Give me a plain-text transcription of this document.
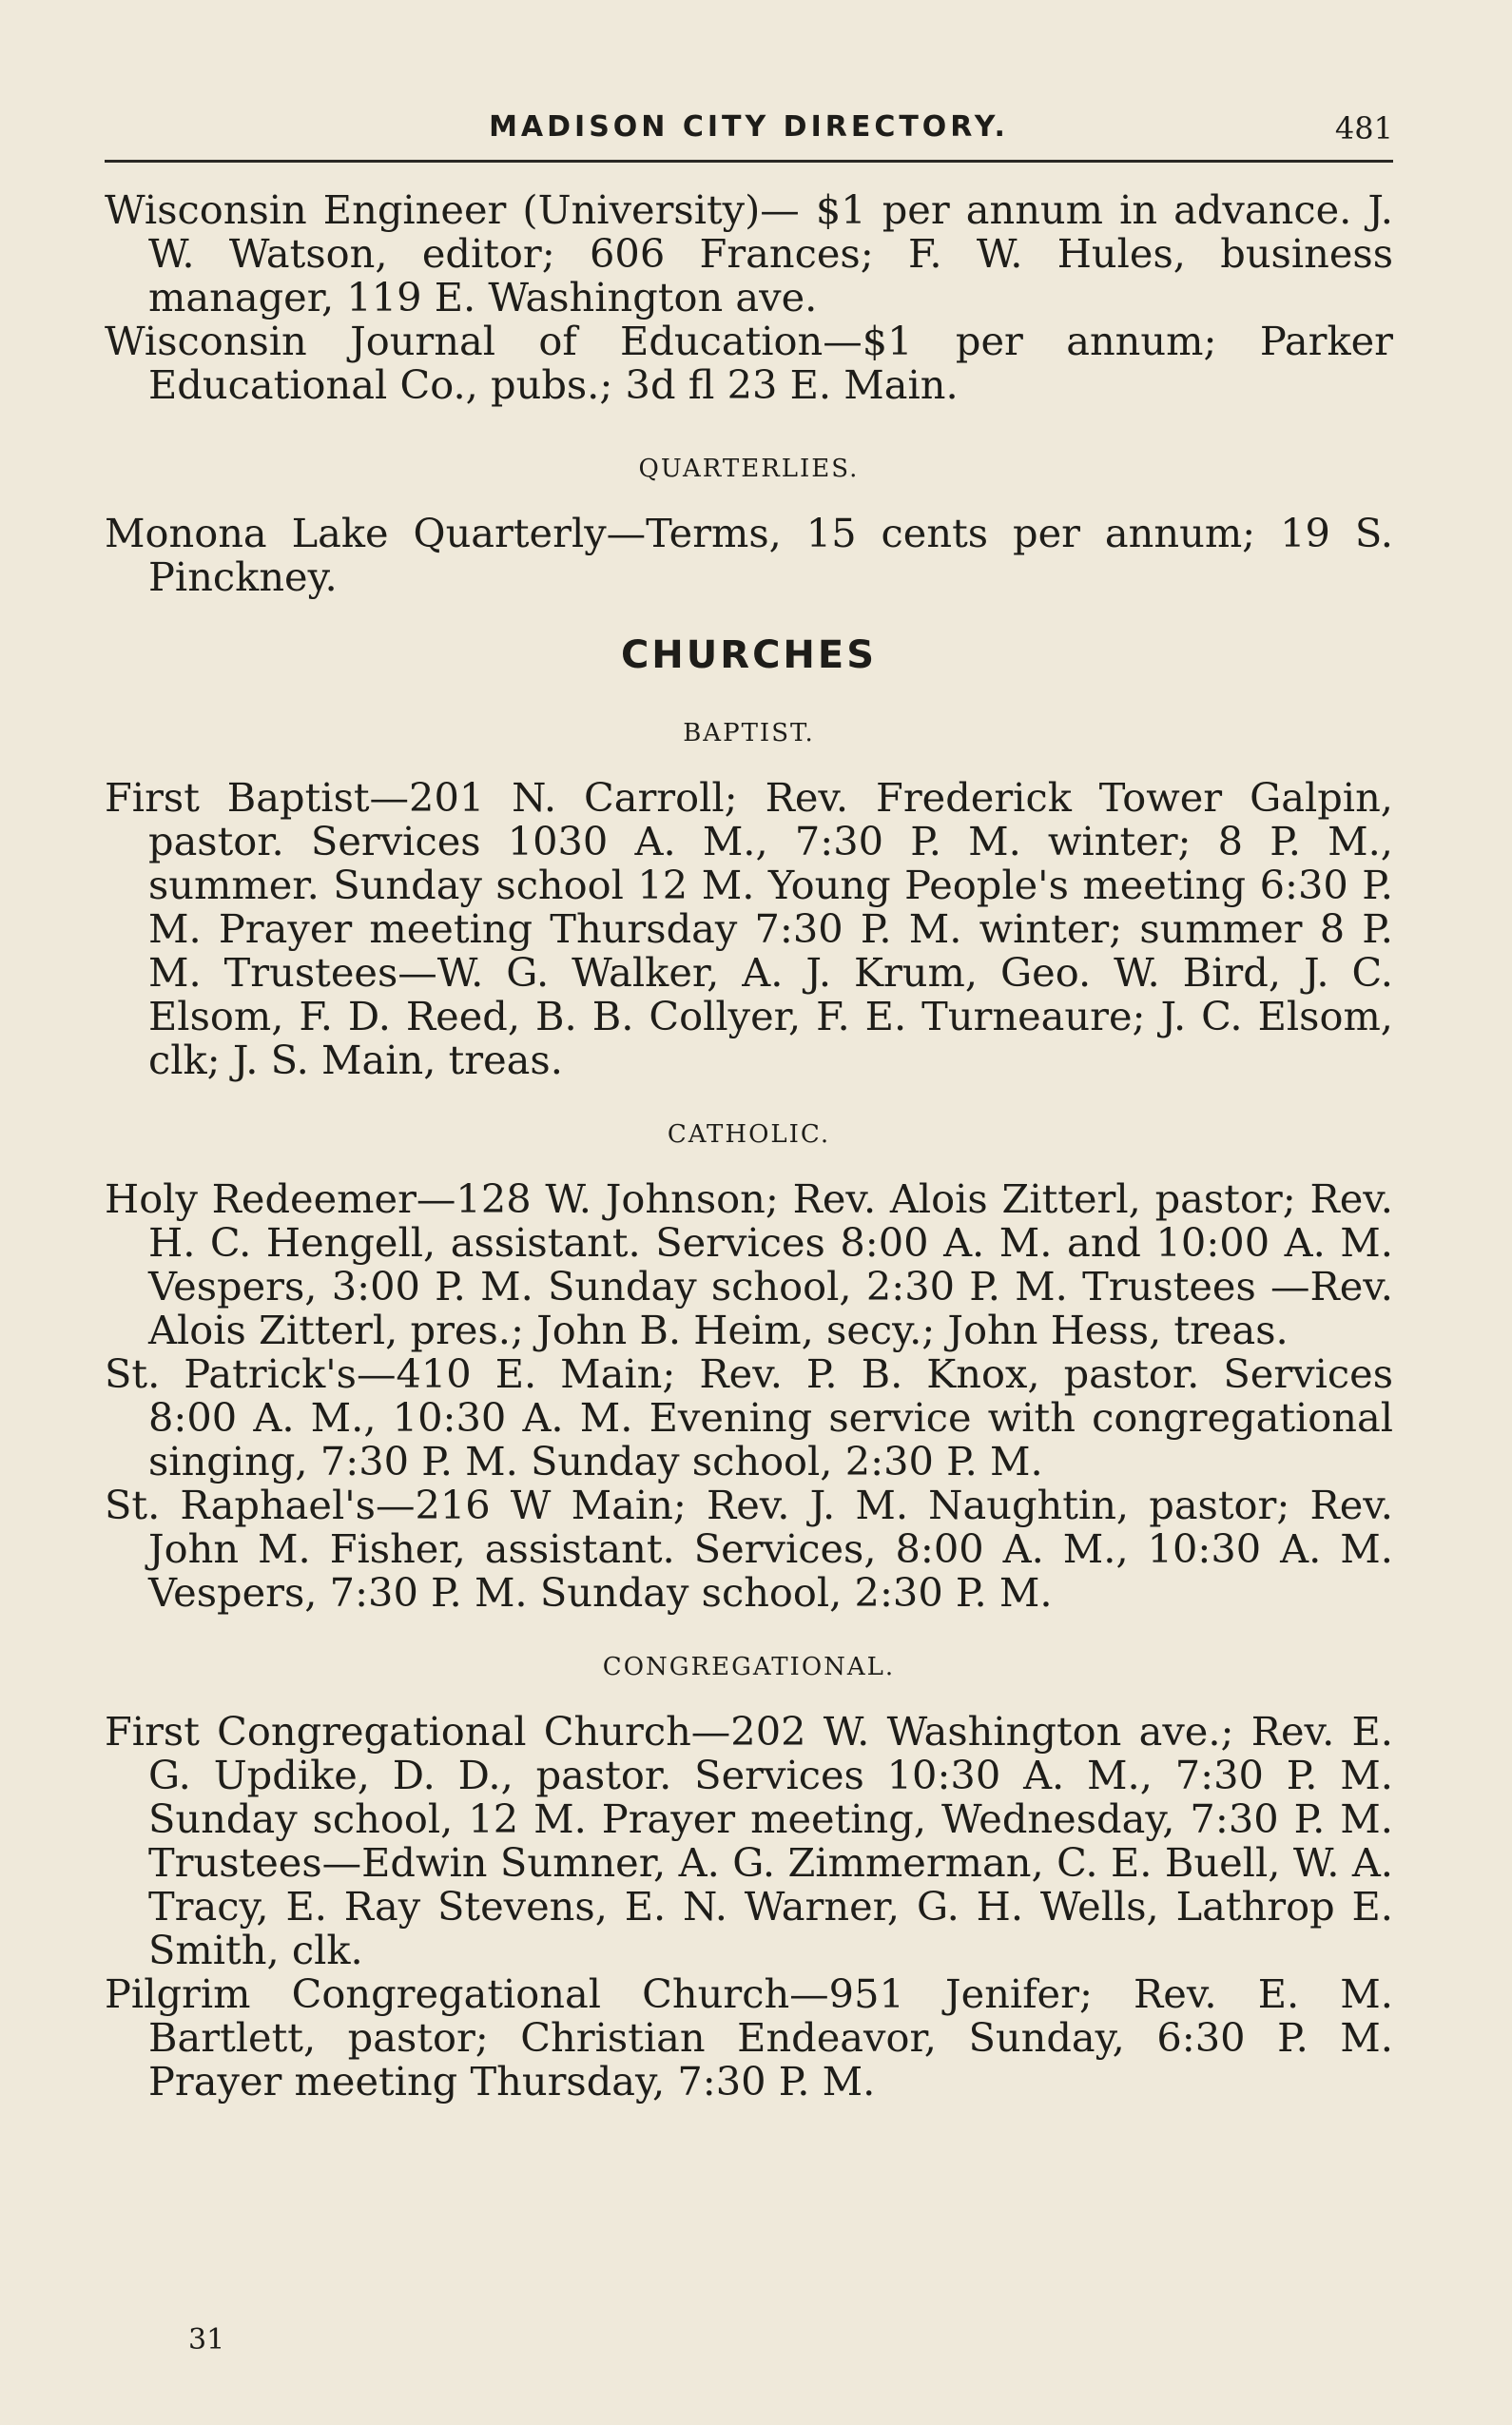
MADISON CITY DIRECTORY.	481

Wisconsin Engineer (University)— $1 per annum in advance. J. W. Watson, editor; 606 Frances; F. W. Hules, business manager, 119 E. Washington ave.

Wisconsin Journal of Education—$1 per annum; Parker Educational Co., pubs.; 3d fl 23 E. Main.

QUARTERLIES.

Monona Lake Quarterly—Terms, 15 cents per annum; 19 S. Pinckney.

CHURCHES

BAPTIST.

First Baptist—201 N. Carroll; Rev. Frederick Tower Galpin, pastor. Services 1030 A. M., 7:30 P. M. winter; 8 P. M., summer. Sunday school 12 M. Young People's meeting 6:30 P. M. Prayer meeting Thursday 7:30 P. M. winter; summer 8 P. M. Trustees—W. G. Walker, A. J. Krum, Geo. W. Bird, J. C. Elsom, F. D. Reed, B. B. Collyer, F. E. Turneaure; J. C. Elsom, clk; J. S. Main, treas.

CATHOLIC.

Holy Redeemer—128 W. Johnson; Rev. Alois Zitterl, pastor; Rev. H. C. Hengell, assistant. Services 8:00 A. M. and 10:00 A. M. Vespers, 3:00 P. M. Sunday school, 2:30 P. M. Trustees —Rev. Alois Zitterl, pres.; John B. Heim, secy.; John Hess, treas.

St. Patrick's—410 E. Main; Rev. P. B. Knox, pastor. Services 8:00 A. M., 10:30 A. M. Evening service with congregational singing, 7:30 P. M. Sunday school, 2:30 P. M.

St. Raphael's—216 W Main; Rev. J. M. Naughtin, pastor; Rev. John M. Fisher, assistant. Services, 8:00 A. M., 10:30 A. M. Vespers, 7:30 P. M. Sunday school, 2:30 P. M.

CONGREGATIONAL.

First Congregational Church—202 W. Washington ave.; Rev. E. G. Updike, D. D., pastor. Services 10:30 A. M., 7:30 P. M. Sunday school, 12 M. Prayer meeting, Wednesday, 7:30 P. M. Trustees—Edwin Sumner, A. G. Zimmerman, C. E. Buell, W. A. Tracy, E. Ray Stevens, E. N. Warner, G. H. Wells, Lathrop E. Smith, clk.

Pilgrim Congregational Church—951 Jenifer; Rev. E. M. Bartlett, pastor; Christian Endeavor, Sunday, 6:30 P. M. Prayer meeting Thursday, 7:30 P. M.

31
